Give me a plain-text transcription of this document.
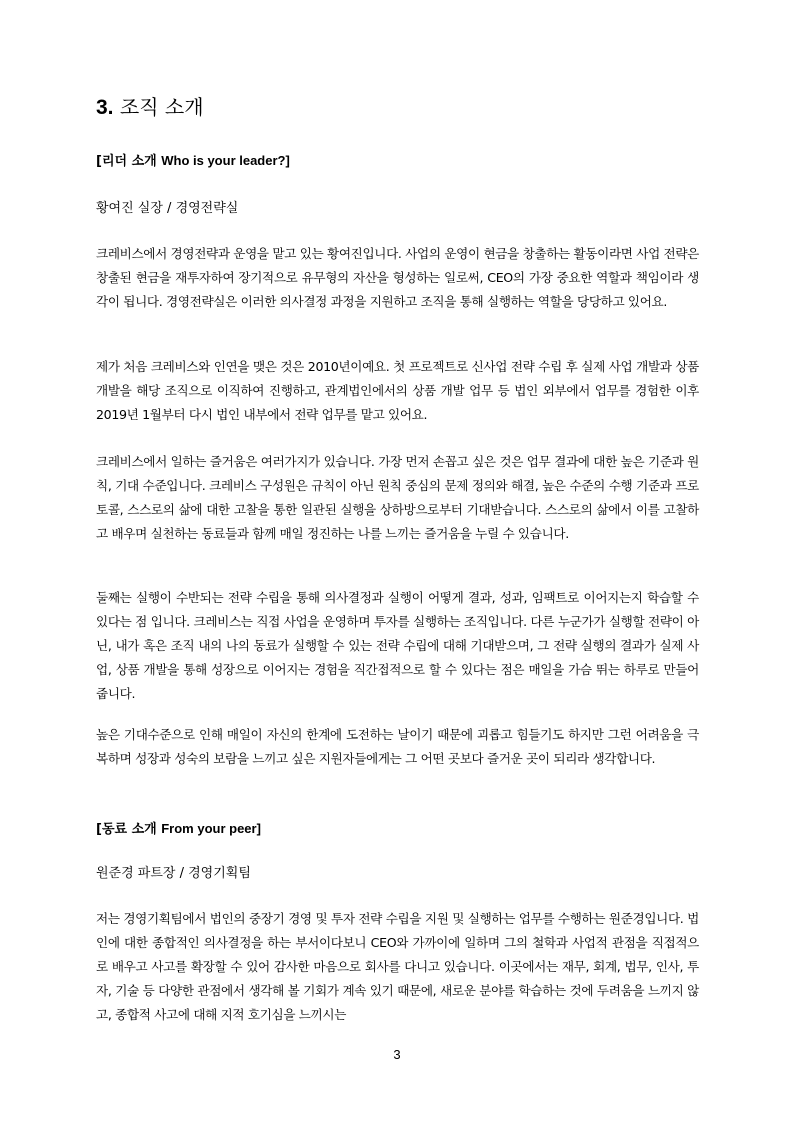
3. 조직 소개
[리더 소개 Who is your leader?]
황여진 실장 / 경영전략실

크레비스에서 경영전략과 운영을 맡고 있는 황여진입니다. 사업의 운영이 현금을 창출하는 활동이라면 사업 전략은 창출된 현금을 재투자하여 장기적으로 유무형의 자산을 형성하는 일로써, CEO의 가장 중요한 역할과 책임이라 생각이 됩니다. 경영전략실은 이러한 의사결정 과정을 지원하고 조직을 통해 실행하는 역할을 당당하고 있어요.

제가 처음 크레비스와 인연을 맺은 것은 2010년이예요. 첫 프로젝트로 신사업 전략 수립 후 실제 사업 개발과 상품 개발을 해당 조직으로 이직하여 진행하고, 관계법인에서의 상품 개발 업무 등 법인 외부에서 업무를 경험한 이후 2019년 1월부터 다시 법인 내부에서 전략 업무를 맡고 있어요.

크레비스에서 일하는 즐거움은 여러가지가 있습니다. 가장 먼저 손꼽고 싶은 것은 업무 결과에 대한 높은 기준과 원칙, 기대 수준입니다. 크레비스 구성원은 규칙이 아닌 원칙 중심의 문제 정의와 해결, 높은 수준의 수행 기준과 프로토콜, 스스로의 삶에 대한 고찰을 통한 일관된 실행을 상하방으로부터 기대받습니다. 스스로의 삶에서 이를 고찰하고 배우며 실천하는 동료들과 함께 매일 정진하는 나를 느끼는 즐거움을 누릴 수 있습니다.

둘째는 실행이 수반되는 전략 수립을 통해 의사결정과 실행이 어떻게 결과, 성과, 임팩트로 이어지는지 학습할 수 있다는 점 입니다. 크레비스는 직접 사업을 운영하며 투자를 실행하는 조직입니다. 다른 누군가가 실행할 전략이 아닌, 내가 혹은 조직 내의 나의 동료가 실행할 수 있는 전략 수립에 대해 기대받으며, 그 전략 실행의 결과가 실제 사업, 상품 개발을 통해 성장으로 이어지는 경험을 직간접적으로 할 수 있다는 점은 매일을 가슴 뛰는 하루로 만들어 줍니다.

높은 기대수준으로 인해 매일이 자신의 한계에 도전하는 날이기 때문에 괴롭고 힘들기도 하지만 그런 어려움을 극복하며 성장과 성숙의 보람을 느끼고 싶은 지원자들에게는 그 어떤 곳보다 즐거운 곳이 되리라 생각합니다.

[동료 소개 From your peer]
원준경 파트장 / 경영기획팀

저는 경영기획팀에서 법인의 중장기 경영 및 투자 전략 수립을 지원 및 실행하는 업무를 수행하는 원준경입니다. 법인에 대한 종합적인 의사결정을 하는 부서이다보니 CEO와 가까이에 일하며 그의 철학과 사업적 관점을 직접적으로 배우고 사고를 확장할 수 있어 감사한 마음으로 회사를 다니고 있습니다. 이곳에서는 재무, 회계, 법무, 인사, 투자, 기술 등 다양한 관점에서 생각해 볼 기회가 계속 있기 때문에, 새로운 분야를 학습하는 것에 두려움을 느끼지 않고, 종합적 사고에 대해 지적 호기심을 느끼시는

3
